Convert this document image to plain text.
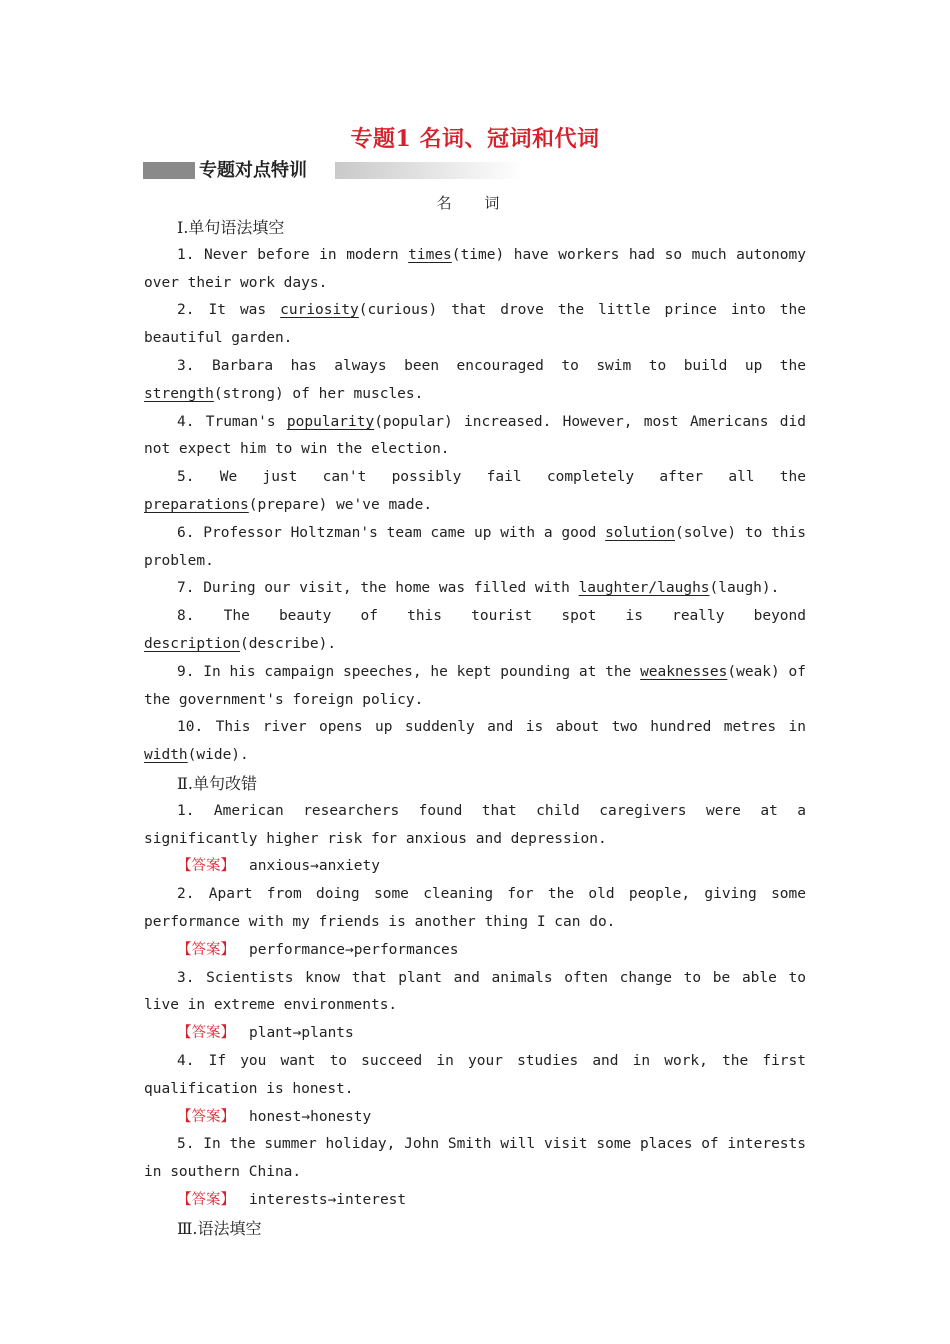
专题1 名词、冠词和代词
专题对点特训
名 词

Ⅰ.单句语法填空

1. Never before in modern times(time) have workers had so much autonomy over their work days.

2. It was curiosity(curious) that drove the little prince into the beautiful garden.

3. Barbara has always been encouraged to swim to build up the strength(strong) of her muscles.

4. Truman's popularity(popular) increased. However, most Americans did not expect him to win the election.

5. We just can't possibly fail completely after all the preparations(prepare) we've made.

6. Professor Holtzman's team came up with a good solution(solve) to this problem.

7. During our visit, the home was filled with laughter/laughs(laugh).

8. The beauty of this tourist spot is really beyond description(describe).

9. In his campaign speeches, he kept pounding at the weaknesses(weak) of the government's foreign policy.

10. This river opens up suddenly and is about two hundred metres in width(wide).

Ⅱ.单句改错

1. American researchers found that child caregivers were at a significantly higher risk for anxious and depression.

【答案】 anxious→anxiety

2. Apart from doing some cleaning for the old people, giving some performance with my friends is another thing I can do.

【答案】 performance→performances

3. Scientists know that plant and animals often change to be able to live in extreme environments.

【答案】 plant→plants

4. If you want to succeed in your studies and in work, the first qualification is honest.

【答案】 honest→honesty

5. In the summer holiday, John Smith will visit some places of interests in southern China.

【答案】 interests→interest

Ⅲ.语法填空
